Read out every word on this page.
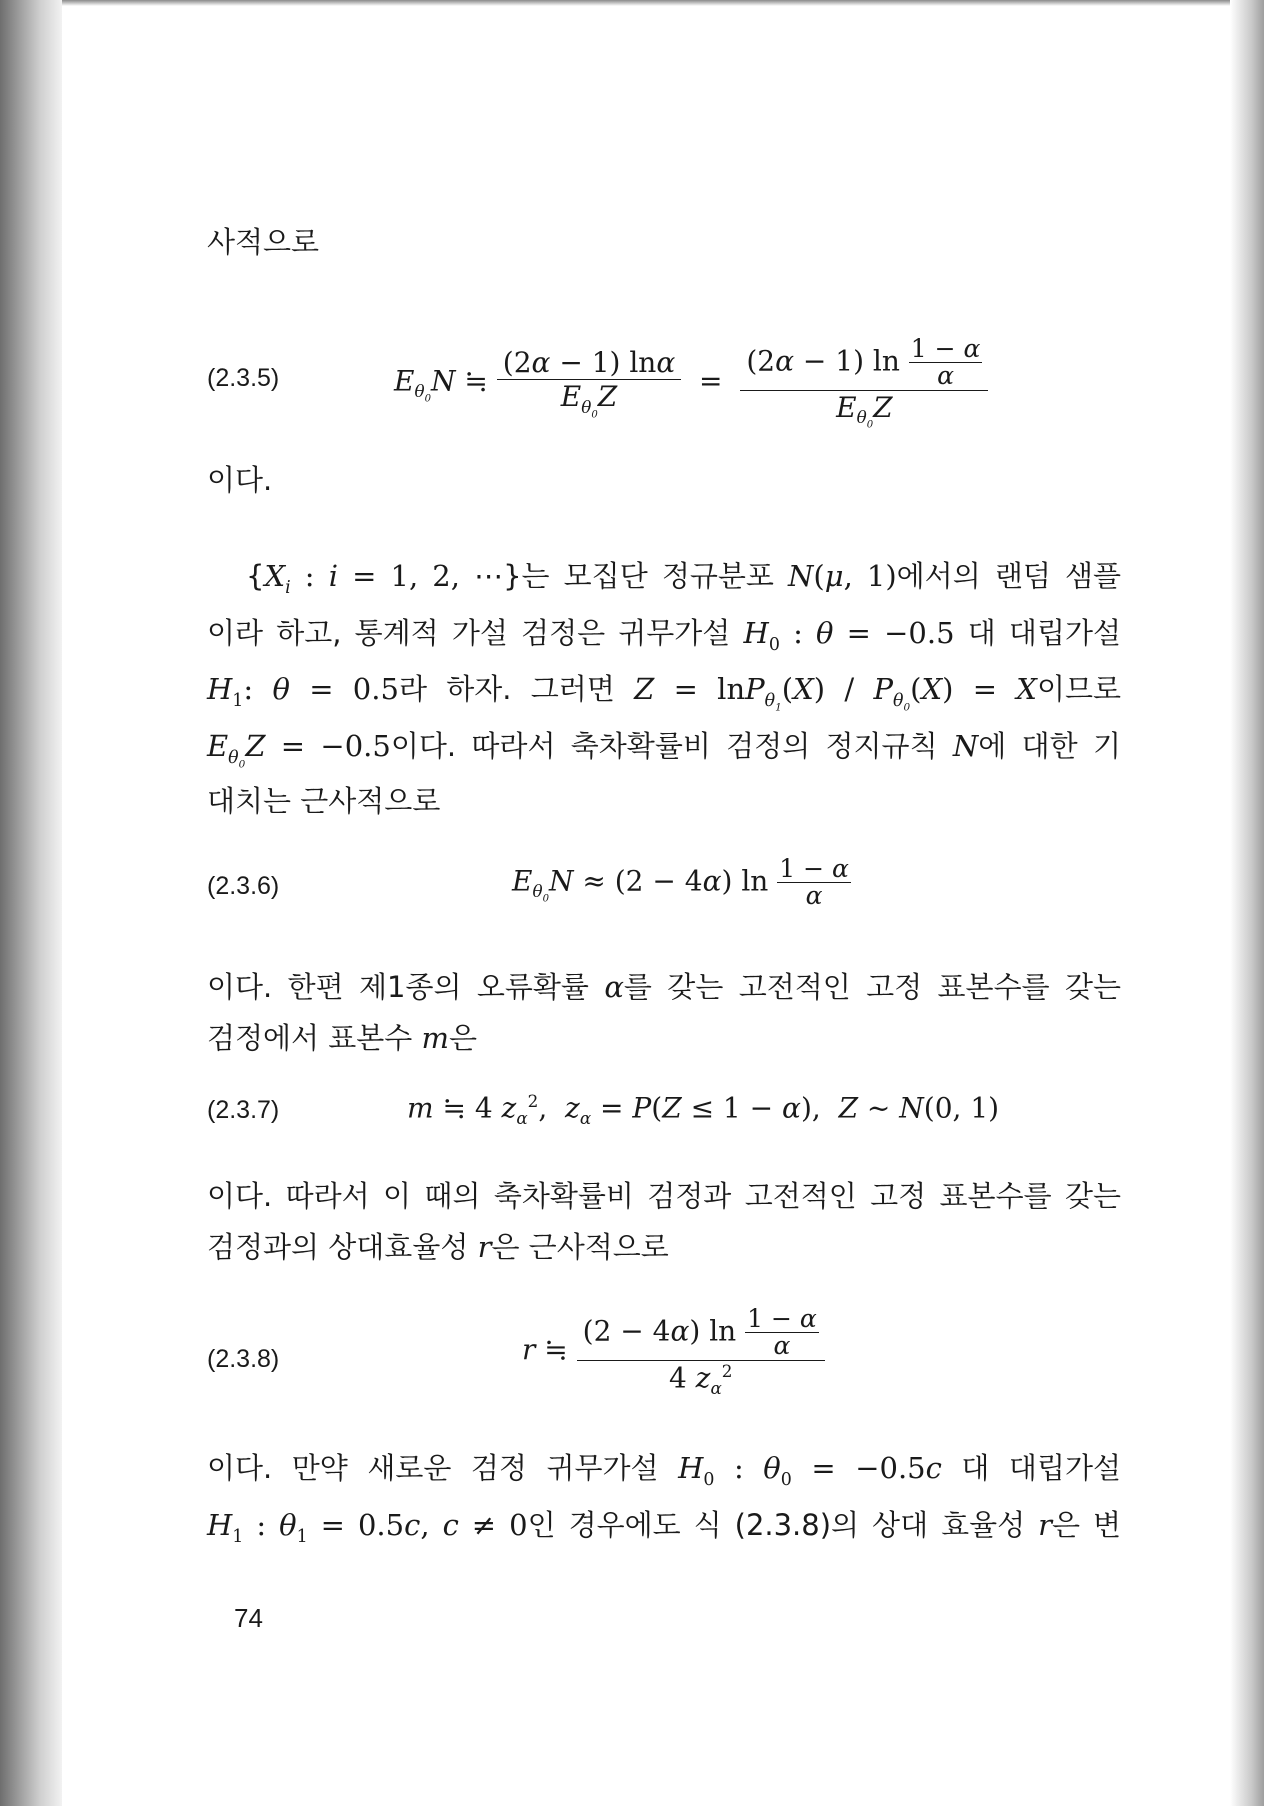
사적으로
(2.3.5)	$E_{\theta_0}N$ ≒ $\frac{(2\alpha - 1) \ln\alpha}{E_{\theta_0}Z} = \frac{(2\alpha - 1) \ln \frac{1 - \alpha}{\alpha}}{E_{\theta_0}Z}$
이다.
{$X_i$ : i = 1, 2, ⋯}는 모집단 정규분포 N(μ, 1)에서의 랜덤 샘플
이라 하고, 통계적 가설 검정은 귀무가설 $H_0$ : θ = −0.5 대 대립가설
$H_1$: θ = 0.5라 하자. 그러면 $Z = \ln P_{\theta_1}(X) / P_{\theta_0}(X) = X$이므로
$E_{\theta_0}Z = -0.5$이다. 따라서 축차확률비 검정의 정지규칙 N에 대한 기
대치는 근사적으로
(2.3.6)	$E_{\theta_0}N \approx (2 - 4\alpha)$ $\ln \frac{1 - \alpha}{\alpha}$
이다. 한편 제1종의 오류확률 α를 갖는 고전적인 고정 표본수를 갖는
검정에서 표본수 m은
(2.3.7)	m ≒ 4 $z_\alpha^2$,  $z_\alpha = P(Z \le 1 - \alpha)$,  Z ~ N(0, 1)
이다. 따라서 이 때의 축차확률비 검정과 고전적인 고정 표본수를 갖는
검정과의 상대효율성 r은 근사적으로
(2.3.8)	r ≒ $\frac{(2 - 4\alpha) \ln \frac{1 - \alpha}{\alpha}}{4 z_\alpha^2}$
이다. 만약 새로운 검정 귀무가설 $H_0$ : $\theta_0 = -0.5c$ 대 대립가설
$H_1$ : $\theta_1 = 0.5c$, c ≠ 0인 경우에도 식 (2.3.8)의 상대 효율성 r은 변
74
